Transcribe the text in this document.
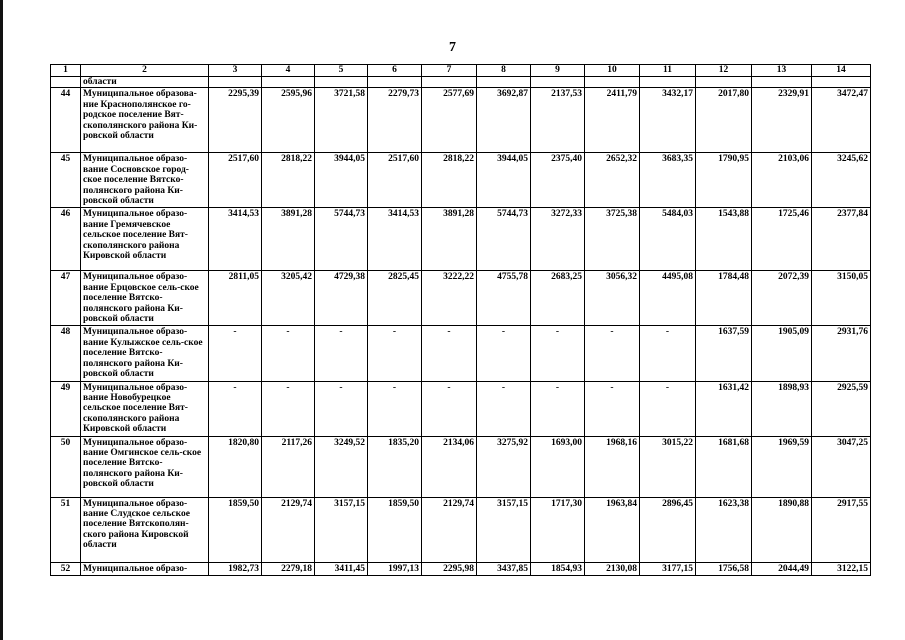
7
1	2	3	4	5	6	7	8	9	10	11	12	13	14
	области												
44	Муниципальное образова-ние Краснополянское го-родское поселение Вят-скополянского района Ки-ровской области	2295,39	2595,96	3721,58	2279,73	2577,69	3692,87	2137,53	2411,79	3432,17	2017,80	2329,91	3472,47
45	Муниципальное образо-вание Сосновское город-ское поселение Вятско-полянского района Ки-ровской области	2517,60	2818,22	3944,05	2517,60	2818,22	3944,05	2375,40	2652,32	3683,35	1790,95	2103,06	3245,62
46	Муниципальное образо-вание Гремячевское сельское поселение Вят-скополянского района Кировской области	3414,53	3891,28	5744,73	3414,53	3891,28	5744,73	3272,33	3725,38	5484,03	1543,88	1725,46	2377,84
47	Муниципальное образо-вание Ерцовское сель-ское поселение Вятско-полянского района Ки-ровской области	2811,05	3205,42	4729,38	2825,45	3222,22	4755,78	2683,25	3056,32	4495,08	1784,48	2072,39	3150,05
48	Муниципальное образо-вание Кулыжское сель-ское поселение Вятско-полянского района Ки-ровской области	-	-	-	-	-	-	-	-	-	1637,59	1905,09	2931,76
49	Муниципальное образо-вание Новобурецкое сельское поселение Вят-скополянского района Кировской области	-	-	-	-	-	-	-	-	-	1631,42	1898,93	2925,59
50	Муниципальное образо-вание Омгинское сель-ское поселение Вятско-полянского района Ки-ровской области	1820,80	2117,26	3249,52	1835,20	2134,06	3275,92	1693,00	1968,16	3015,22	1681,68	1969,59	3047,25
51	Муниципальное образо-вание Слудское сельское поселение Вятскополян-ского района Кировской области	1859,50	2129,74	3157,15	1859,50	2129,74	3157,15	1717,30	1963,84	2896,45	1623,38	1890,88	2917,55
52	Муниципальное образо-	1982,73	2279,18	3411,45	1997,13	2295,98	3437,85	1854,93	2130,08	3177,15	1756,58	2044,49	3122,15
